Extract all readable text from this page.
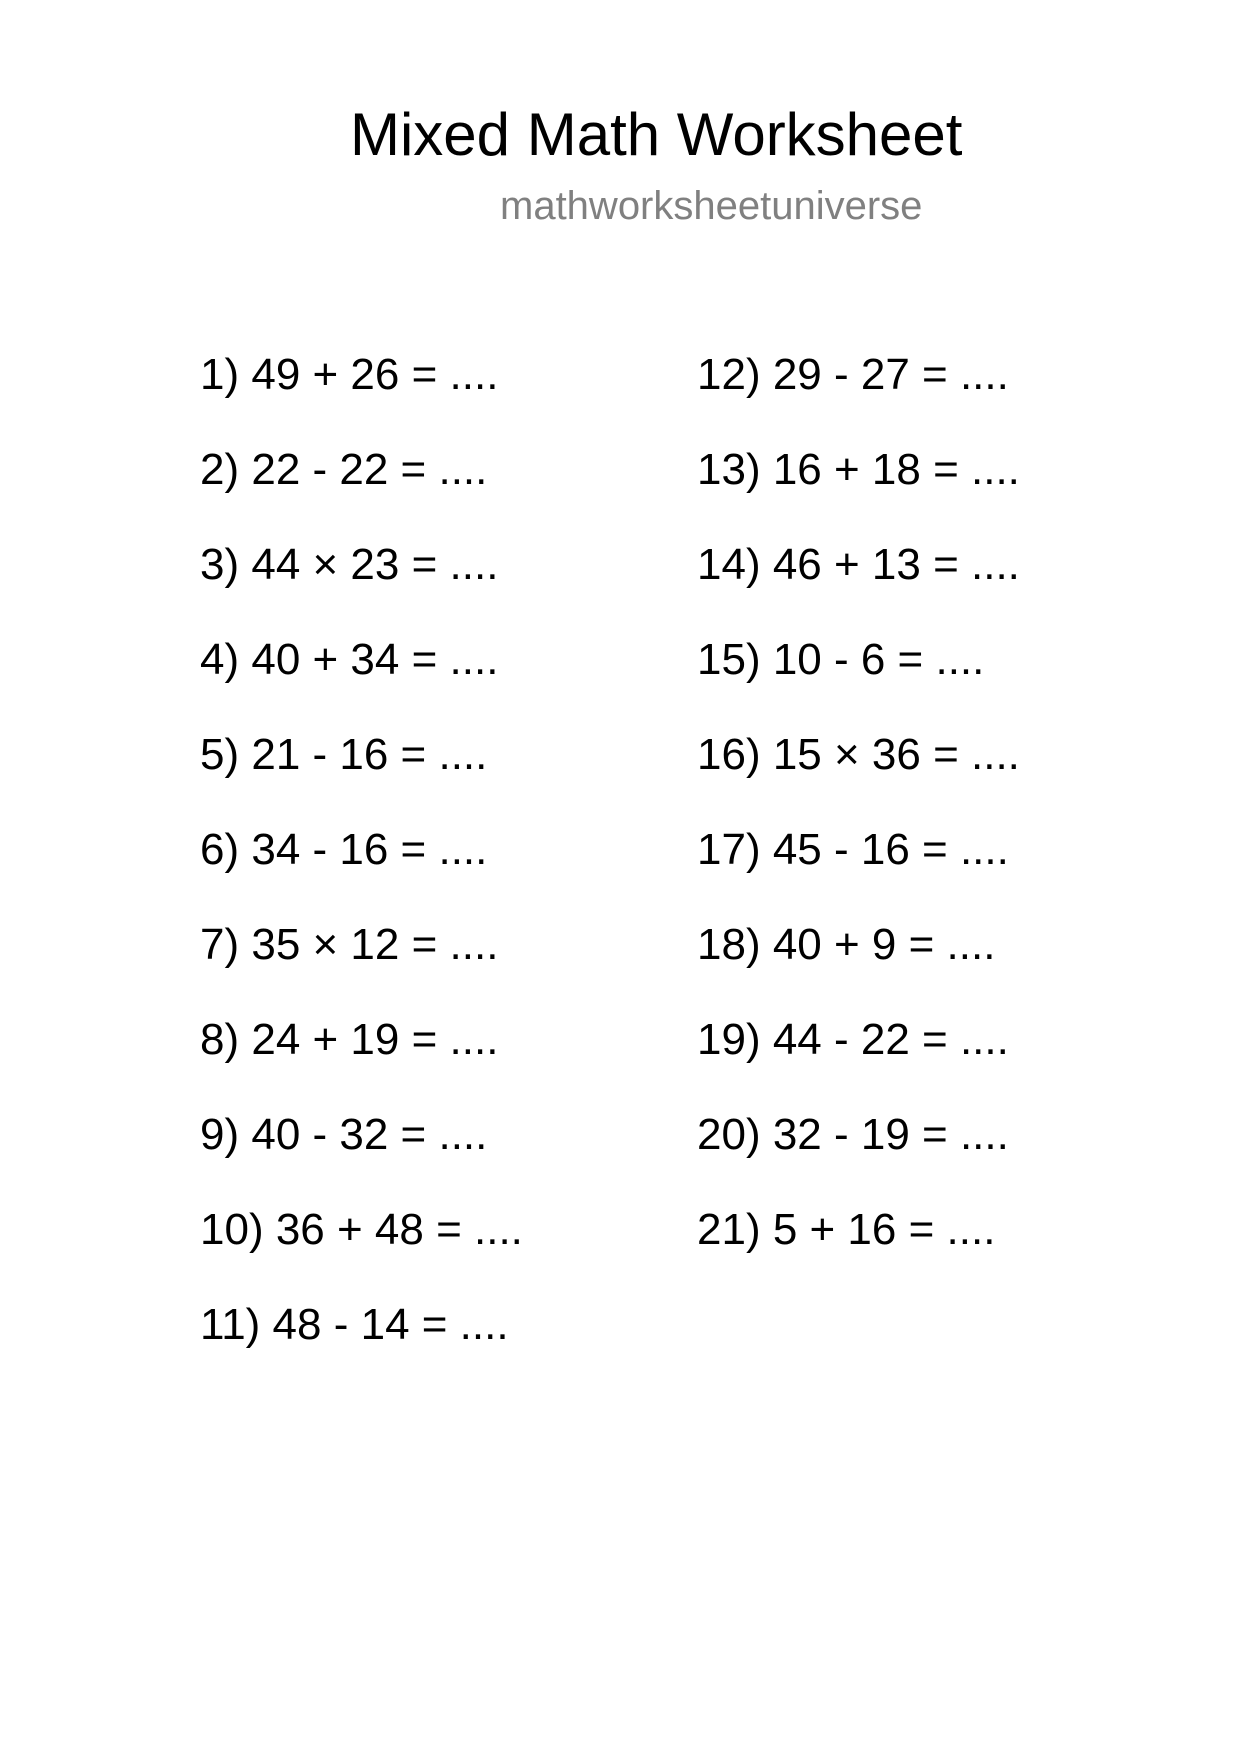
Mixed Math Worksheet
mathworksheetuniverse
1) 49 + 26 = ....
2) 22 - 22 = ....
3) 44 × 23 = ....
4) 40 + 34 = ....
5) 21 - 16 = ....
6) 34 - 16 = ....
7) 35 × 12 = ....
8) 24 + 19 = ....
9) 40 - 32 = ....
10) 36 + 48 = ....
11) 48 - 14 = ....
12) 29 - 27 = ....
13) 16 + 18 = ....
14) 46 + 13 = ....
15) 10 - 6 = ....
16) 15 × 36 = ....
17) 45 - 16 = ....
18) 40 + 9 = ....
19) 44 - 22 = ....
20) 32 - 19 = ....
21) 5 + 16 = ....
